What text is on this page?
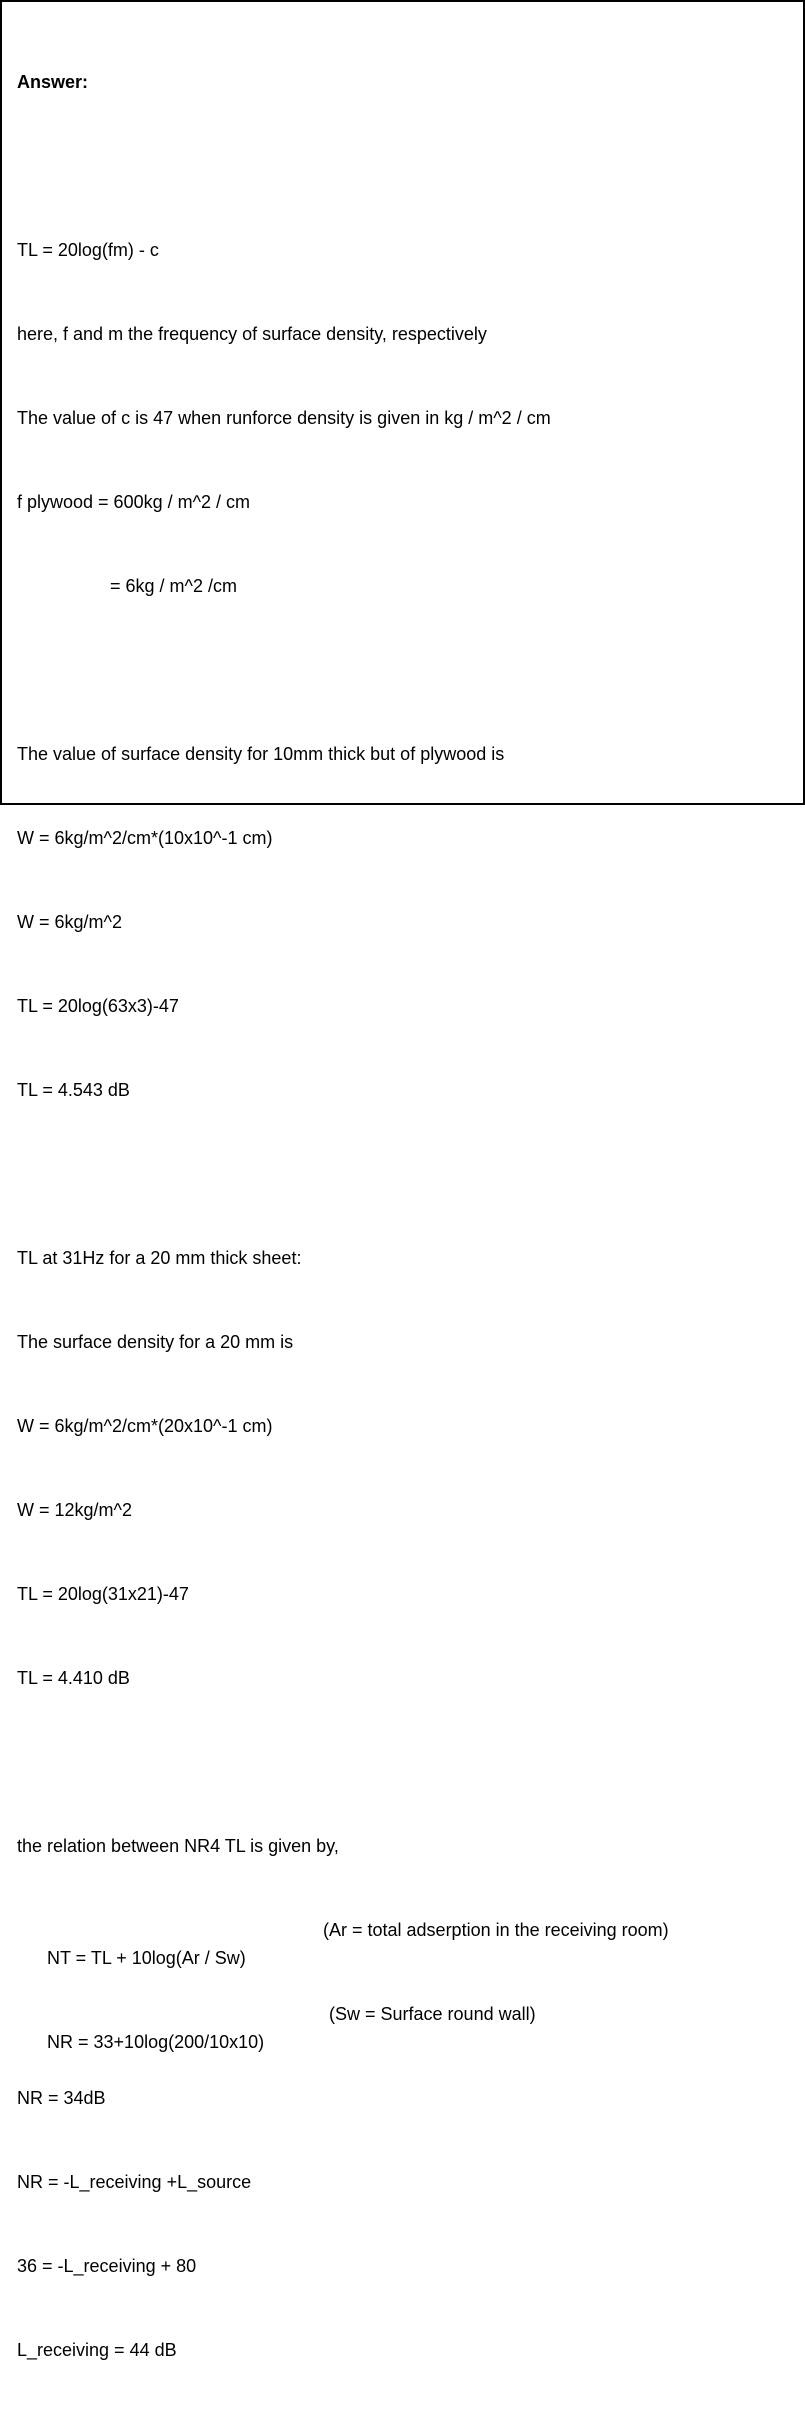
Answer:

TL = 20log(fm) - c

here, f and m the frequency of surface density, respectively

The value of c is 47 when runforce density is given in kg / m^2 / cm

f plywood = 600kg / m^2 / cm

= 6kg / m^2 /cm

The value of surface density for 10mm thick but of plywood is

W = 6kg/m^2/cm*(10x10^-1 cm)

W = 6kg/m^2

TL = 20log(63x3)-47

TL = 4.543 dB

TL at 31Hz for a 20 mm thick sheet:

The surface density for a 20 mm is

W = 6kg/m^2/cm*(20x10^-1 cm)

W = 12kg/m^2

TL = 20log(31x21)-47

TL = 4.410 dB

the relation between NR4 TL is given by,

NT = TL + 10log(Ar / Sw)

(Ar = total adserption in the receiving room)

NR = 33+10log(200/10x10)

(Sw = Surface round wall)

NR = 34dB

NR = -L_receiving +L_source

36 = -L_receiving + 80

L_receiving = 44 dB
